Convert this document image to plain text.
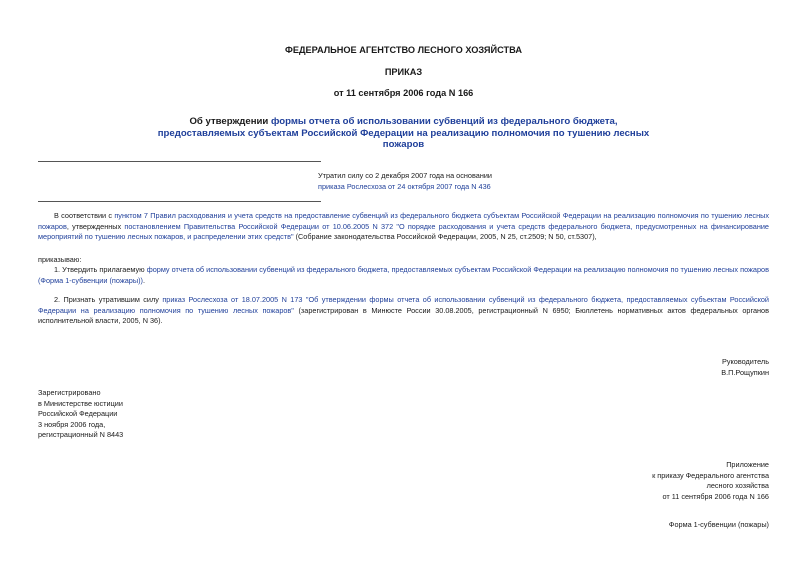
ФЕДЕРАЛЬНОЕ АГЕНТСТВО ЛЕСНОГО ХОЗЯЙСТВА
ПРИКАЗ
от 11 сентября 2006 года N 166
Об утверждении формы отчета об использовании субвенций из федерального бюджета, предоставляемых субъектам Российской Федерации на реализацию полномочия по тушению лесных пожаров
Утратил силу со 2 декабря 2007 года на основании
приказа Рослесхоза от 24 октября 2007 года N 436
В соответствии с пунктом 7 Правил расходования и учета средств на предоставление субвенций из федерального бюджета субъектам Российской Федерации на реализацию полномочия по тушению лесных пожаров, утвержденных постановлением Правительства Российской Федерации от 10.06.2005 N 372 "О порядке расходования и учета средств федерального бюджета, предусмотренных на финансирование мероприятий по тушению лесных пожаров, и распределении этих средств" (Собрание законодательства Российской Федерации, 2005, N 25, ст.2509; N 50, ст.5307),
приказываю:
1. Утвердить прилагаемую форму отчета об использовании субвенций из федерального бюджета, предоставляемых субъектам Российской Федерации на реализацию полномочия по тушению лесных пожаров (Форма 1-субвенции (пожары)).
2. Признать утратившим силу приказ Рослесхоза от 18.07.2005 N 173 "Об утверждении формы отчета об использовании субвенций из федерального бюджета, предоставляемых субъектам Российской Федерации на реализацию полномочия по тушению лесных пожаров" (зарегистрирован в Минюсте России 30.08.2005, регистрационный N 6950; Бюллетень нормативных актов федеральных органов исполнительной власти, 2005, N 36).
Руководитель
В.П.Рощупкин
Зарегистрировано
в Министерстве юстиции
Российской Федерации
3 ноября 2006 года,
регистрационный N 8443
Приложение
к приказу Федерального агентства
лесного хозяйства
от 11 сентября 2006 года N 166
Форма 1-субвенции (пожары)
